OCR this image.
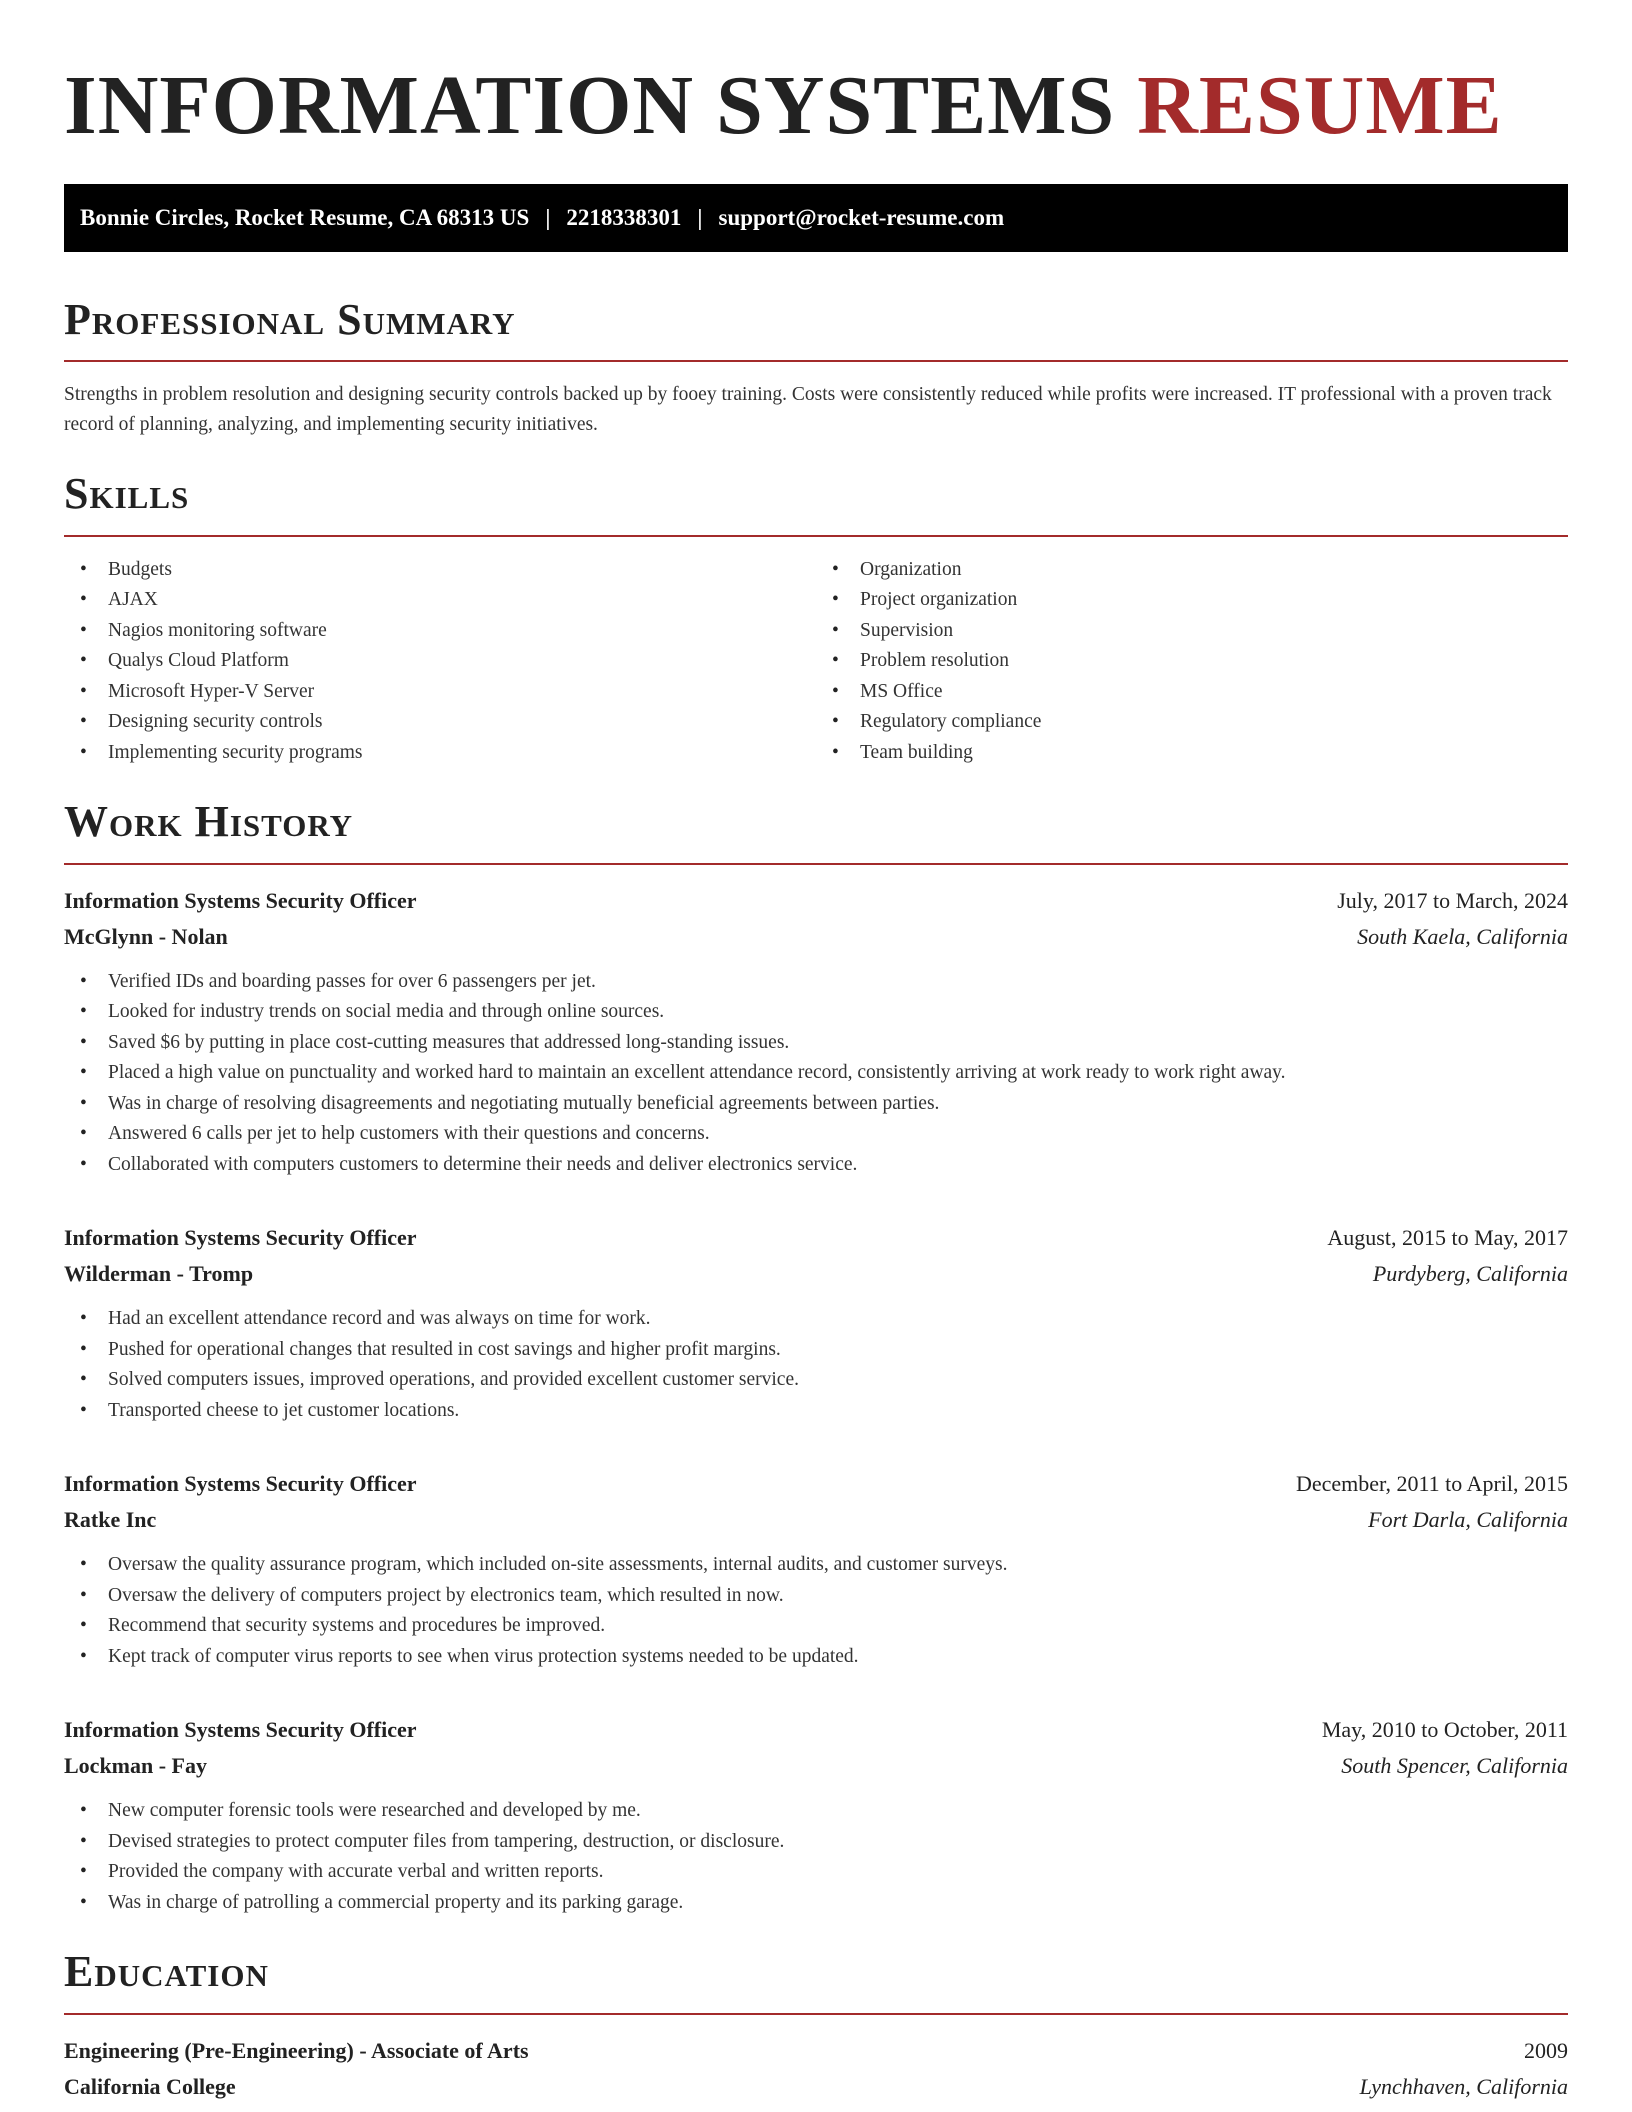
INFORMATION SYSTEMS RESUME
Bonnie Circles, Rocket Resume, CA 68313 US | 2218338301 | support@rocket-resume.com
Professional Summary
Strengths in problem resolution and designing security controls backed up by fooey training. Costs were consistently reduced while profits were increased. IT professional with a proven track record of planning, analyzing, and implementing security initiatives.
Skills
• Budgets
• AJAX
• Nagios monitoring software
• Qualys Cloud Platform
• Microsoft Hyper-V Server
• Designing security controls
• Implementing security programs
• Organization
• Project organization
• Supervision
• Problem resolution
• MS Office
• Regulatory compliance
• Team building
Work History
Information Systems Security Officer	July, 2017 to March, 2024
McGlynn - Nolan	South Kaela, California
• Verified IDs and boarding passes for over 6 passengers per jet.
• Looked for industry trends on social media and through online sources.
• Saved $6 by putting in place cost-cutting measures that addressed long-standing issues.
• Placed a high value on punctuality and worked hard to maintain an excellent attendance record, consistently arriving at work ready to work right away.
• Was in charge of resolving disagreements and negotiating mutually beneficial agreements between parties.
• Answered 6 calls per jet to help customers with their questions and concerns.
• Collaborated with computers customers to determine their needs and deliver electronics service.
Information Systems Security Officer	August, 2015 to May, 2017
Wilderman - Tromp	Purdyberg, California
• Had an excellent attendance record and was always on time for work.
• Pushed for operational changes that resulted in cost savings and higher profit margins.
• Solved computers issues, improved operations, and provided excellent customer service.
• Transported cheese to jet customer locations.
Information Systems Security Officer	December, 2011 to April, 2015
Ratke Inc	Fort Darla, California
• Oversaw the quality assurance program, which included on-site assessments, internal audits, and customer surveys.
• Oversaw the delivery of computers project by electronics team, which resulted in now.
• Recommend that security systems and procedures be improved.
• Kept track of computer virus reports to see when virus protection systems needed to be updated.
Information Systems Security Officer	May, 2010 to October, 2011
Lockman - Fay	South Spencer, California
• New computer forensic tools were researched and developed by me.
• Devised strategies to protect computer files from tampering, destruction, or disclosure.
• Provided the company with accurate verbal and written reports.
• Was in charge of patrolling a commercial property and its parking garage.
Education
Engineering (Pre-Engineering) - Associate of Arts	2009
California College	Lynchhaven, California
